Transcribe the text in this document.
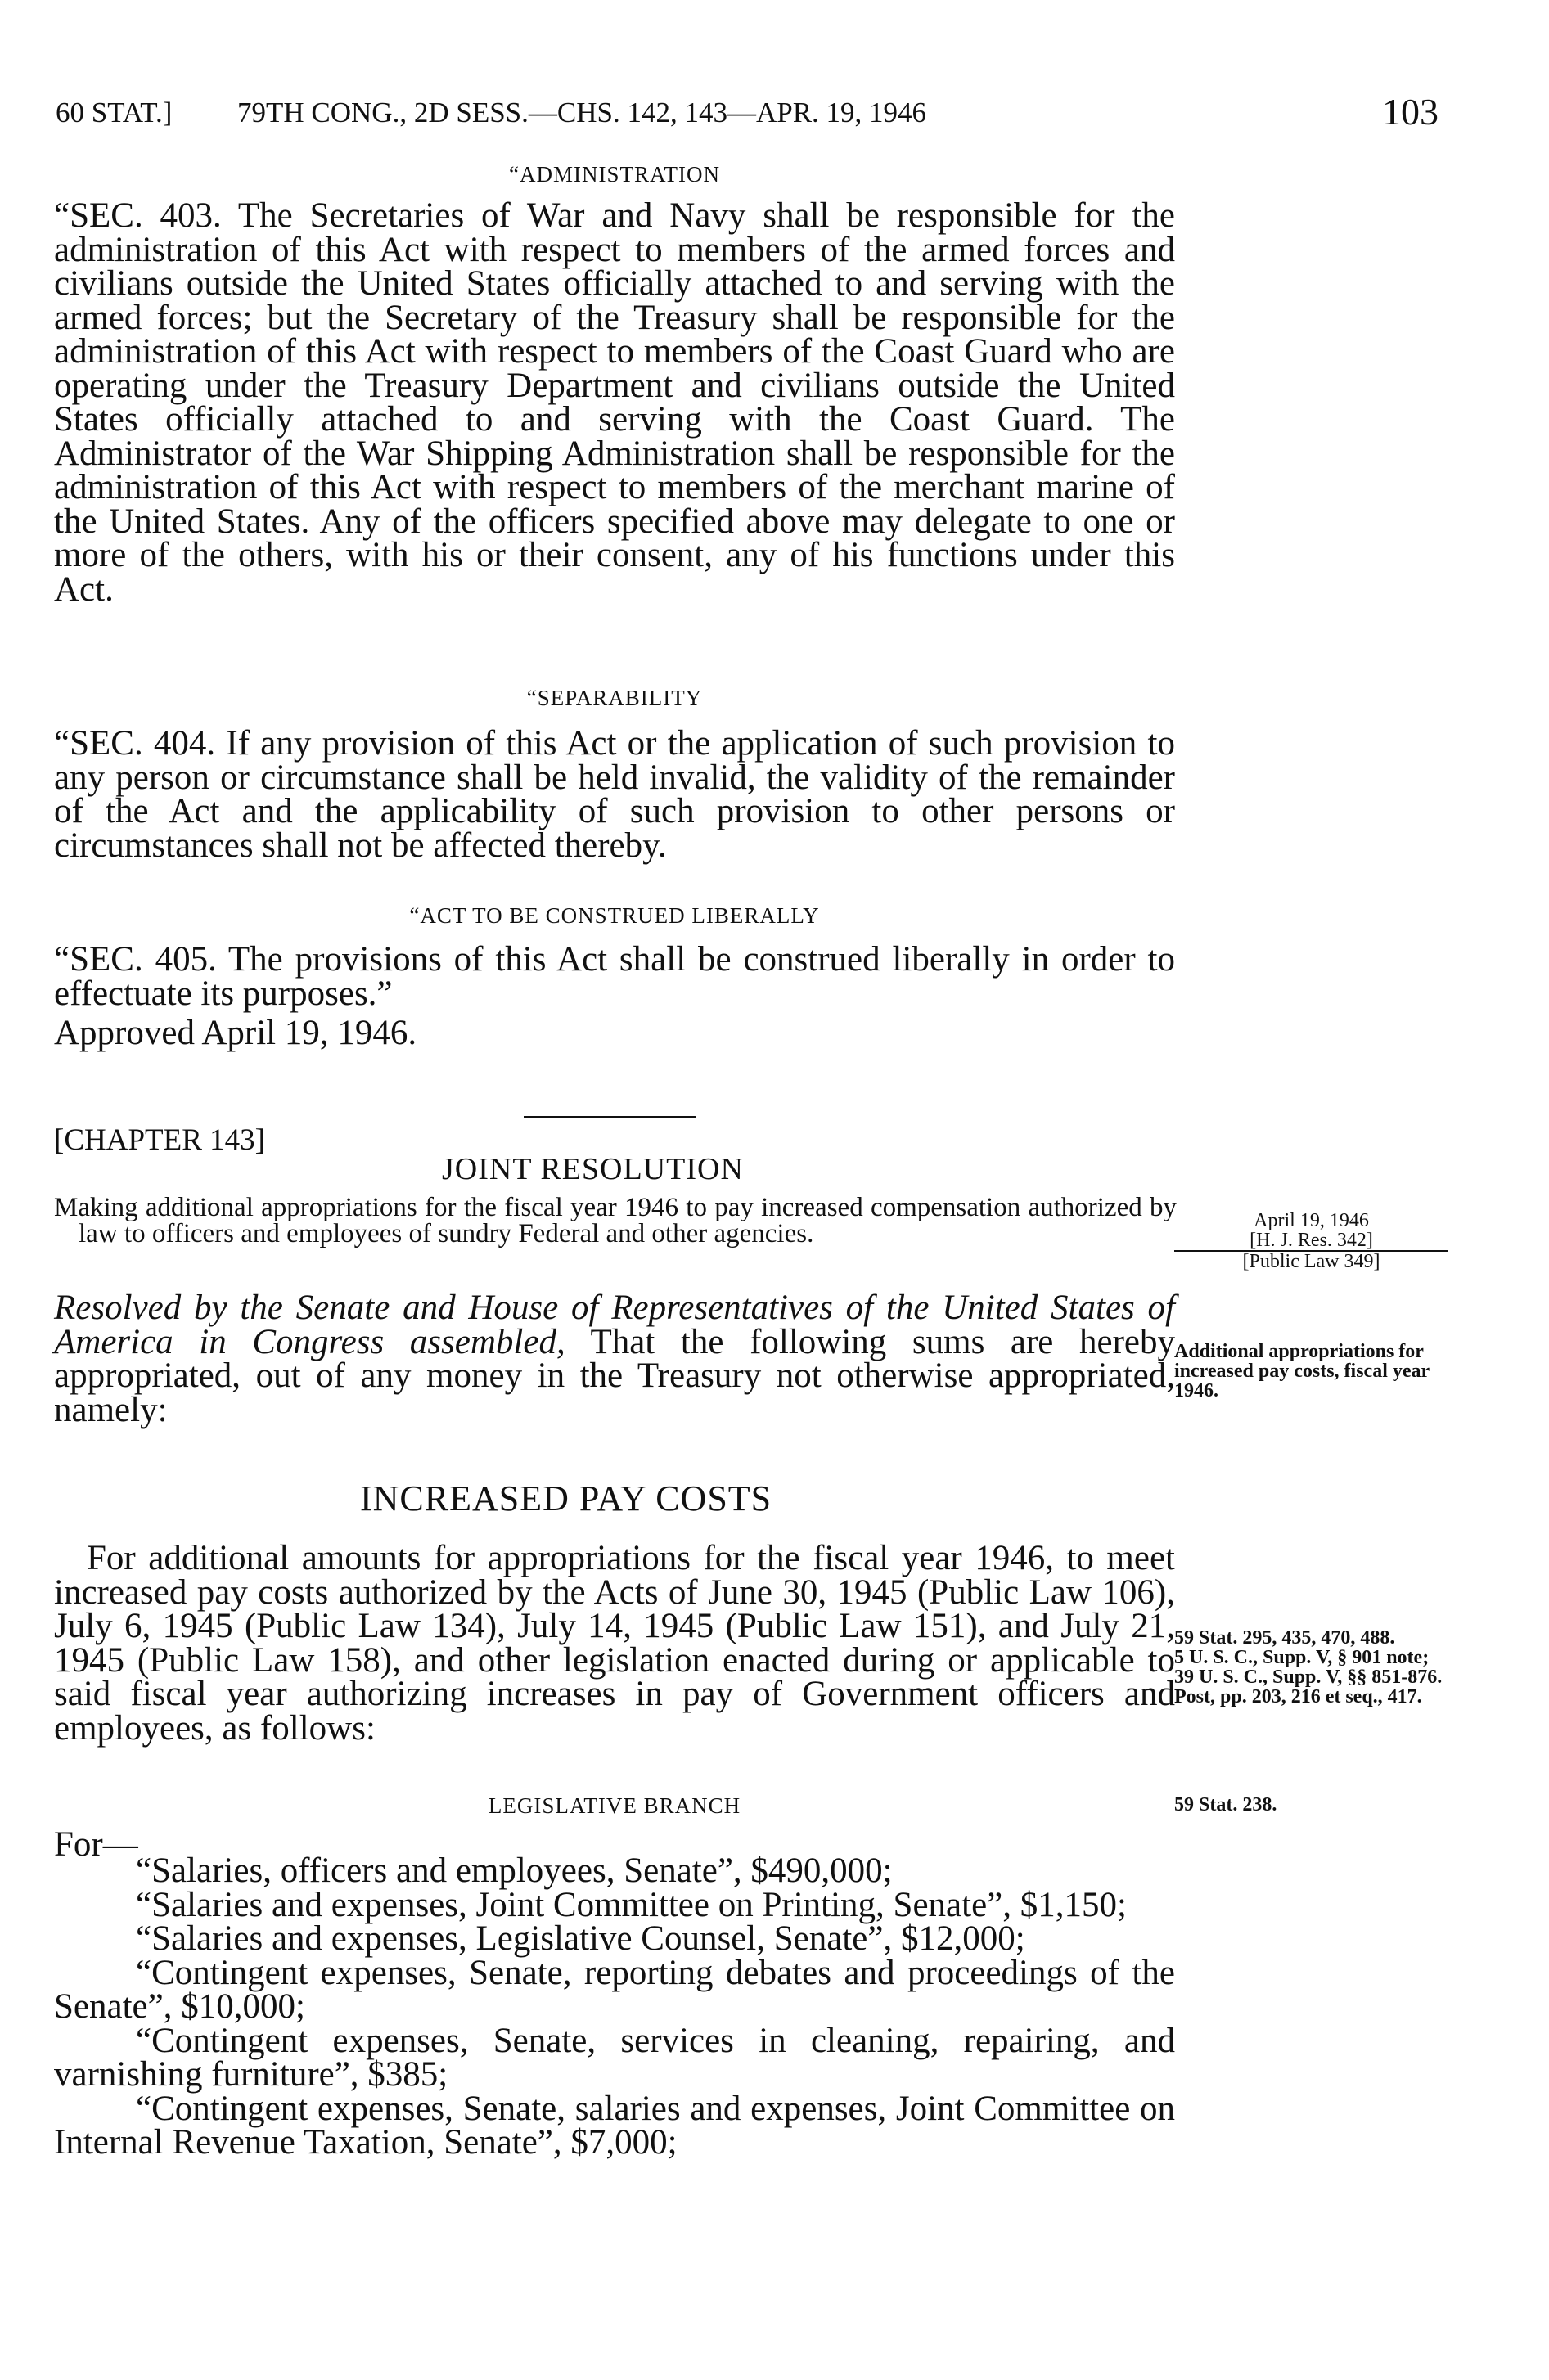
60 STAT.] 79TH CONG., 2D SESS.—CHS. 142, 143—APR. 19, 1946	103

“ADMINISTRATION

“SEC. 403. The Secretaries of War and Navy shall be responsible for the administration of this Act with respect to members of the armed forces and civilians outside the United States officially attached to and serving with the armed forces; but the Secretary of the Treasury shall be responsible for the administration of this Act with respect to members of the Coast Guard who are operating under the Treasury Department and civilians outside the United States officially attached to and serving with the Coast Guard. The Administrator of the War Shipping Administration shall be responsible for the administration of this Act with respect to members of the merchant marine of the United States. Any of the officers specified above may delegate to one or more of the others, with his or their consent, any of his functions under this Act.

“SEPARABILITY

“SEC. 404. If any provision of this Act or the application of such provision to any person or circumstance shall be held invalid, the validity of the remainder of the Act and the applicability of such provision to other persons or circumstances shall not be affected thereby.

“ACT TO BE CONSTRUED LIBERALLY

“SEC. 405. The provisions of this Act shall be construed liberally in order to effectuate its purposes.”

Approved April 19, 1946.

[CHAPTER 143]
JOINT RESOLUTION

Making additional appropriations for the fiscal year 1946 to pay increased compensation authorized by law to officers and employees of sundry Federal and other agencies.

Resolved by the Senate and House of Representatives of the United States of America in Congress assembled, That the following sums are hereby appropriated, out of any money in the Treasury not otherwise appropriated, namely:

INCREASED PAY COSTS

For additional amounts for appropriations for the fiscal year 1946, to meet increased pay costs authorized by the Acts of June 30, 1945 (Public Law 106), July 6, 1945 (Public Law 134), July 14, 1945 (Public Law 151), and July 21, 1945 (Public Law 158), and other legislation enacted during or applicable to said fiscal year authorizing increases in pay of Government officers and employees, as follows:

LEGISLATIVE BRANCH

For—

“Salaries, officers and employees, Senate”, $490,000;

“Salaries and expenses, Joint Committee on Printing, Senate”, $1,150;

“Salaries and expenses, Legislative Counsel, Senate”, $12,000;

“Contingent expenses, Senate, reporting debates and proceedings of the Senate”, $10,000;

“Contingent expenses, Senate, services in cleaning, repairing, and varnishing furniture”, $385;

“Contingent expenses, Senate, salaries and expenses, Joint Committee on Internal Revenue Taxation, Senate”, $7,000;

April 19, 1946
[H. J. Res. 342]
[Public Law 349]
Additional appropriations for increased pay costs, fiscal year 1946.
59 Stat. 295, 435, 470, 488.
5 U. S. C., Supp. V, § 901 note; 39 U. S. C., Supp. V, §§ 851-876.
Post, pp. 203, 216 et seq., 417.
59 Stat. 238.
